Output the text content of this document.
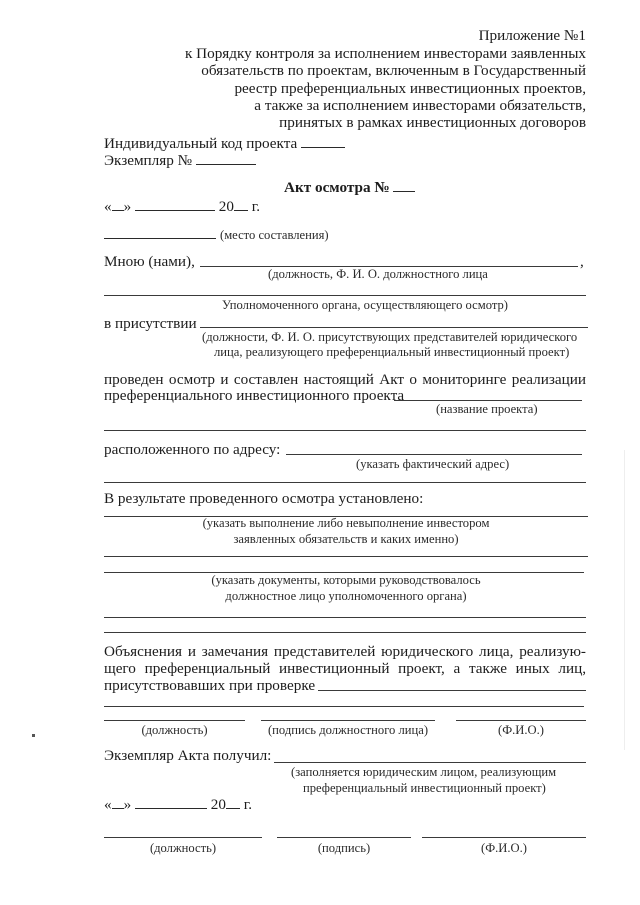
Приложение №1
к Порядку контроля за исполнением инвесторами заявленных
обязательств по проектам, включенным в Государственный
реестр преференциальных инвестиционных проектов,
а также за исполнением инвесторами обязательств,
принятых в рамках инвестиционных договоров
Индивидуальный код проекта
Экземпляр №
Акт осмотра №
« »	20 г.
(место составления)
Мною (нами),	,
(должность, Ф. И. О. должностного лица
Уполномоченного органа, осуществляющего осмотр)
в присутствии
(должности, Ф. И. О. присутствующих представителей юридического
лица, реализующего преференциальный инвестиционный проект)
проведен осмотр и составлен настоящий Акт о мониторинге реализации
преференциального инвестиционного проекта
(название проекта)
расположенного по адресу:
(указать фактический адрес)
В результате проведенного осмотра установлено:
(указать выполнение либо невыполнение инвестором
заявленных обязательств и каких именно)
(указать документы, которыми руководствовалось
должностное лицо уполномоченного органа)
Объяснения и замечания представителей юридического лица, реализую-
щего преференциальный инвестиционный проект, а также иных лиц,
присутствовавших при проверке
(должность)	(подпись должностного лица)	(Ф.И.О.)
Экземпляр Акта получил:
(заполняется юридическим лицом, реализующим
преференциальный инвестиционный проект)
« »	20 г.
(должность)	(подпись)	(Ф.И.О.)
